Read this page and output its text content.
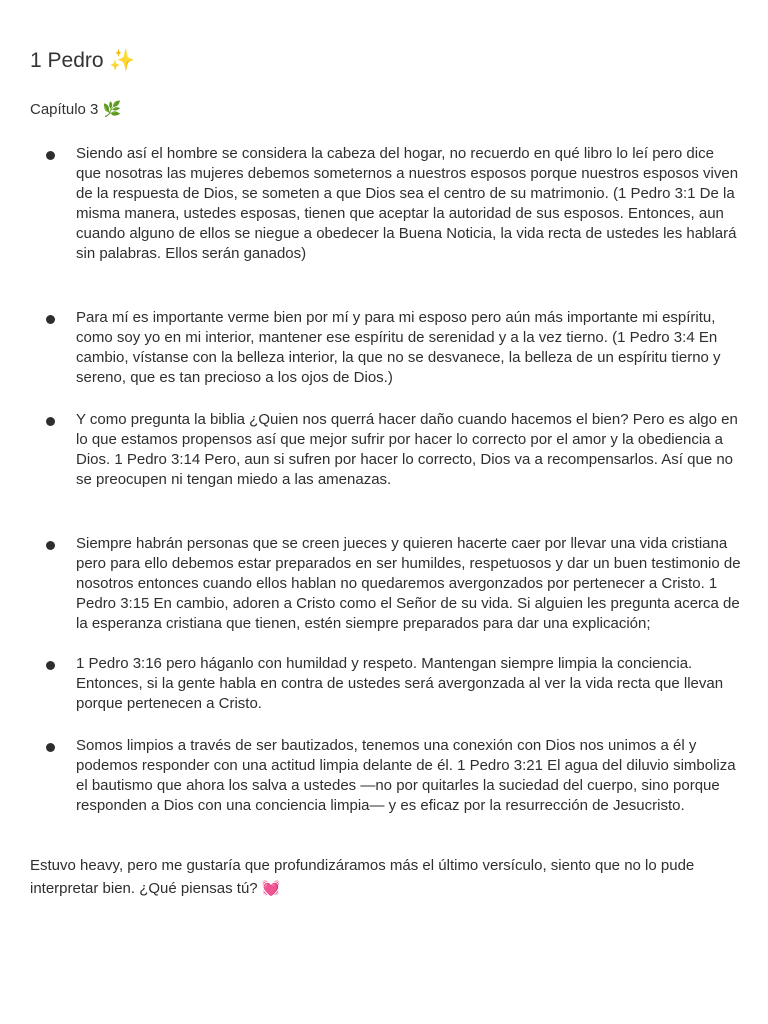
1 Pedro ✨
Capítulo 3 🌿
Siendo así el hombre se considera la cabeza del hogar, no recuerdo en qué libro lo leí pero dice que nosotras las mujeres debemos someternos a nuestros esposos porque nuestros esposos viven de la respuesta de Dios, se someten a que Dios sea el centro de su matrimonio. (1 Pedro 3:1 De la misma manera, ustedes esposas, tienen que aceptar la autoridad de sus esposos. Entonces, aun cuando alguno de ellos se niegue a obedecer la Buena Noticia, la vida recta de ustedes les hablará sin palabras. Ellos serán ganados)
Para mí es importante verme bien por mí y para mi esposo pero aún más importante mi espíritu, como soy yo en mi interior, mantener ese espíritu de serenidad y a la vez tierno. (1 Pedro 3:4 En cambio, vístanse con la belleza interior, la que no se desvanece, la belleza de un espíritu tierno y sereno, que es tan precioso a los ojos de Dios.)
Y como pregunta la biblia ¿Quien nos querrá hacer daño cuando hacemos el bien? Pero es algo en lo que estamos propensos así que mejor sufrir por hacer lo correcto por el amor y la obediencia a Dios. 1 Pedro 3:14 Pero, aun si sufren por hacer lo correcto, Dios va a recompensarlos. Así que no se preocupen ni tengan miedo a las amenazas.
Siempre habrán personas que se creen jueces y quieren hacerte caer por llevar una vida cristiana pero para ello debemos estar preparados en ser humildes, respetuosos y dar un buen testimonio de nosotros entonces cuando ellos hablan no quedaremos avergonzados por pertenecer a Cristo. 1 Pedro 3:15 En cambio, adoren a Cristo como el Señor de su vida. Si alguien les pregunta acerca de la esperanza cristiana que tienen, estén siempre preparados para dar una explicación;
1 Pedro 3:16 pero háganlo con humildad y respeto. Mantengan siempre limpia la conciencia. Entonces, si la gente habla en contra de ustedes será avergonzada al ver la vida recta que llevan porque pertenecen a Cristo.
Somos limpios a través de ser bautizados, tenemos una conexión con Dios nos unimos a él y podemos responder con una actitud limpia delante de él. 1 Pedro 3:21 El agua del diluvio simboliza el bautismo que ahora los salva a ustedes —no por quitarles la suciedad del cuerpo, sino porque responden a Dios con una conciencia limpia— y es eficaz por la resurrección de Jesucristo.
Estuvo heavy, pero me gustaría que profundizáramos más el último versículo, siento que no lo pude interpretar bien. ¿Qué piensas tú? 💓
